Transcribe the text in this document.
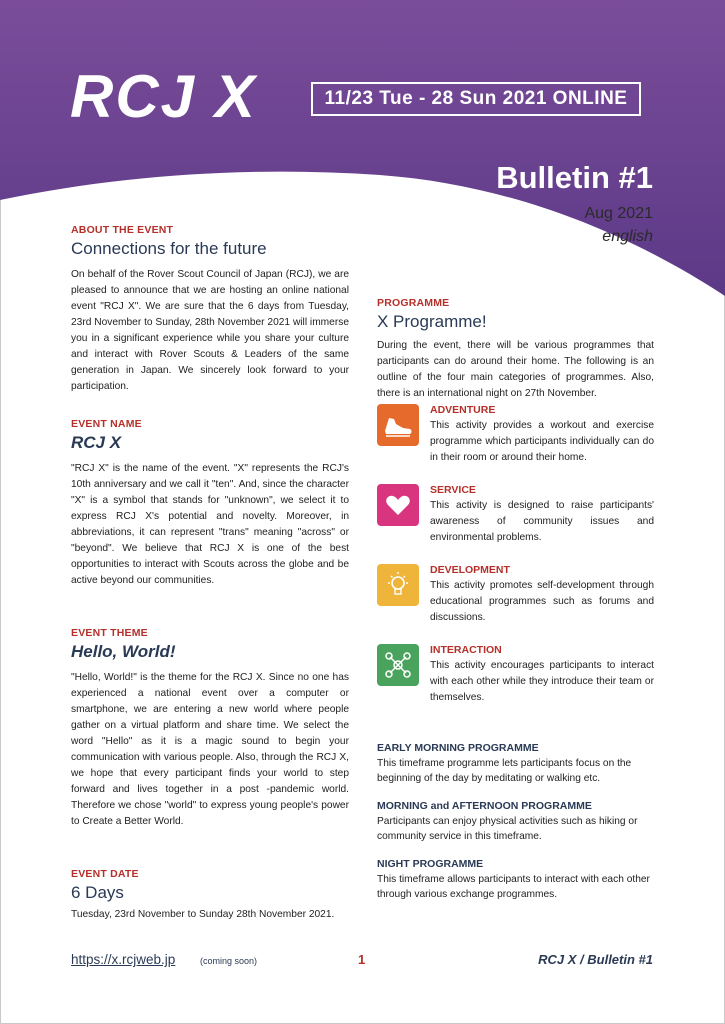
RCJ X	11/23 Tue - 28 Sun 2021 ONLINE
Bulletin #1
Aug 2021
english
ABOUT THE EVENT
Connections for the future
On behalf of the Rover Scout Council of Japan (RCJ), we are pleased to announce that we are hosting an online national event "RCJ X". We are sure that the 6 days from Tuesday, 23rd November to Sunday, 28th November 2021 will immerse you in a significant experience while you share your culture and interact with Rover Scouts & Leaders of the same generation in Japan. We sincerely look forward to your participation.
EVENT NAME
RCJ X
"RCJ X" is the name of the event. "X" represents the RCJ's 10th anniversary and we call it "ten". And, since the character "X" is a symbol that stands for "unknown", we select it to express RCJ X's potential and novelty. Moreover, in abbreviations, it can represent "trans" meaning "across" or "beyond". We believe that RCJ X is one of the best opportunities to interact with Scouts across the globe and be active beyond our communities.
EVENT THEME
Hello, World!
"Hello, World!" is the theme for the RCJ X. Since no one has experienced a national event over a computer or smartphone, we are entering a new world where people gather on a virtual platform and share time. We select the word "Hello" as it is a magic sound to begin your communication with various people. Also, through the RCJ X, we hope that every participant finds your world to step forward and lives together in a post -pandemic world. Therefore we chose "world" to express young people's power to Create a Better World.
EVENT DATE
6 Days
Tuesday, 23rd November to Sunday 28th November 2021.
PROGRAMME
X Programme!
During the event, there will be various programmes that participants can do around their home. The following is an outline of the four main categories of programmes. Also, there is an international night on 27th November.
ADVENTURE
This activity provides a workout and exercise programme which participants individually can do in their room or around their home.
SERVICE
This activity is designed to raise participants' awareness of community issues and environmental problems.
DEVELOPMENT
This activity promotes self-development through educational programmes such as forums and discussions.
INTERACTION
This activity encourages participants to interact with each other while they introduce their team or themselves.
EARLY MORNING PROGRAMME
This timeframe programme lets participants focus on the beginning of the day by meditating or walking etc.
MORNING and AFTERNOON PROGRAMME
Participants can enjoy physical activities such as hiking or community service in this timeframe.
NIGHT PROGRAMME
This timeframe allows participants to interact with each other through various exchange programmes.
https://x.rcjweb.jp	(coming soon)	1	RCJ X / Bulletin #1
